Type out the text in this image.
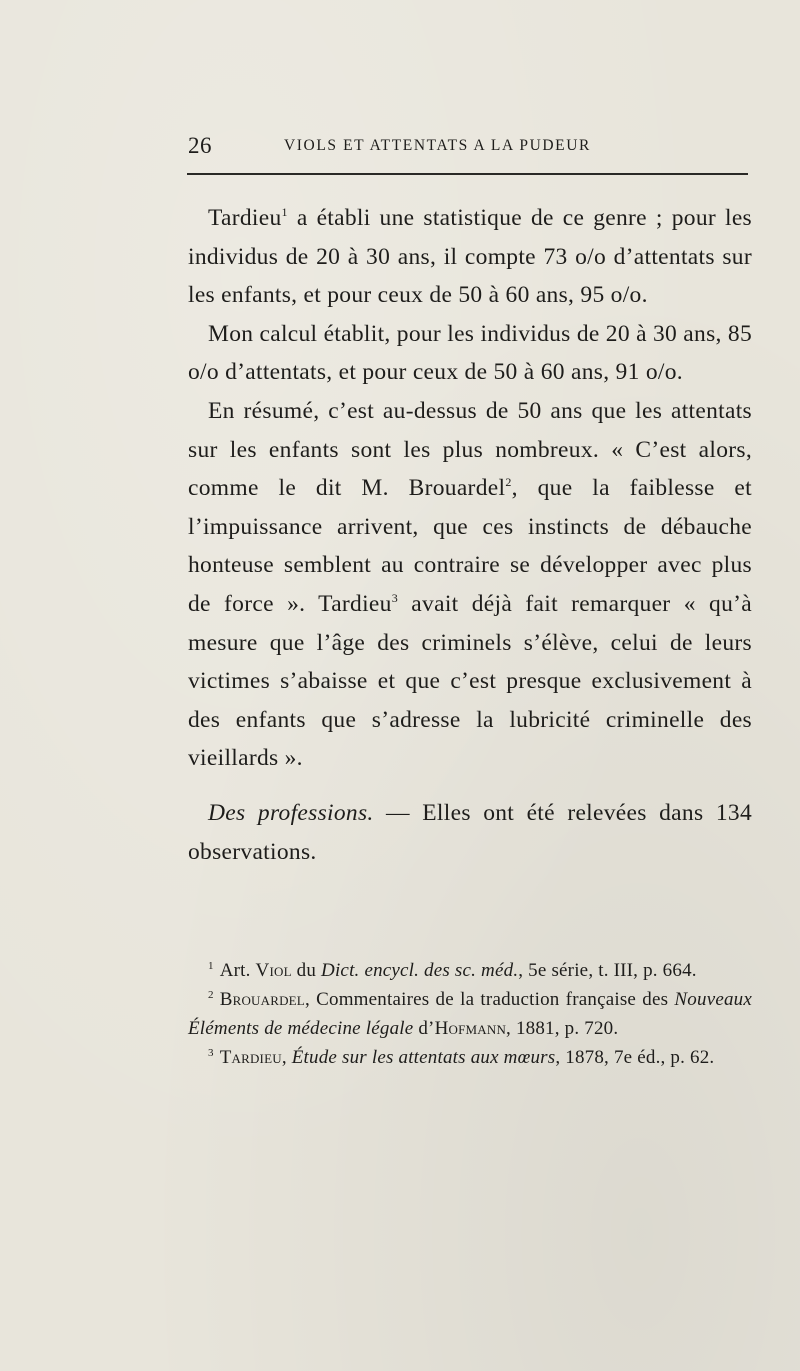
26	VIOLS ET ATTENTATS A LA PUDEUR

Tardieu$^1$ a établi une statistique de ce genre ; pour les individus de 20 à 30 ans, il compte 73 o/o d’attentats sur les enfants, et pour ceux de 50 à 60 ans, 95 o/o.

Mon calcul établit, pour les individus de 20 à 30 ans, 85 o/o d’attentats, et pour ceux de 50 à 60 ans, 91 o/o.

En résumé, c’est au-dessus de 50 ans que les attentats sur les enfants sont les plus nombreux. « C’est alors, comme le dit M. Brouardel$^2$, que la faiblesse et l’impuissance arrivent, que ces instincts de débauche honteuse semblent au contraire se développer avec plus de force ». Tardieu$^3$ avait déjà fait remarquer « qu’à mesure que l’âge des criminels s’élève, celui de leurs victimes s’abaisse et que c’est presque exclusivement à des enfants que s’adresse la lubricité criminelle des vieillards ».

Des professions. — Elles ont été relevées dans 134 observations.

$^1$ Art. Viol du Dict. encycl. des sc. méd., 5e série, t. III, p. 664.

$^2$ Brouardel, Commentaires de la traduction française des Nouveaux Éléments de médecine légale d’Hofmann, 1881, p. 720.

$^3$ Tardieu, Étude sur les attentats aux mœurs, 1878, 7e éd., p. 62.
